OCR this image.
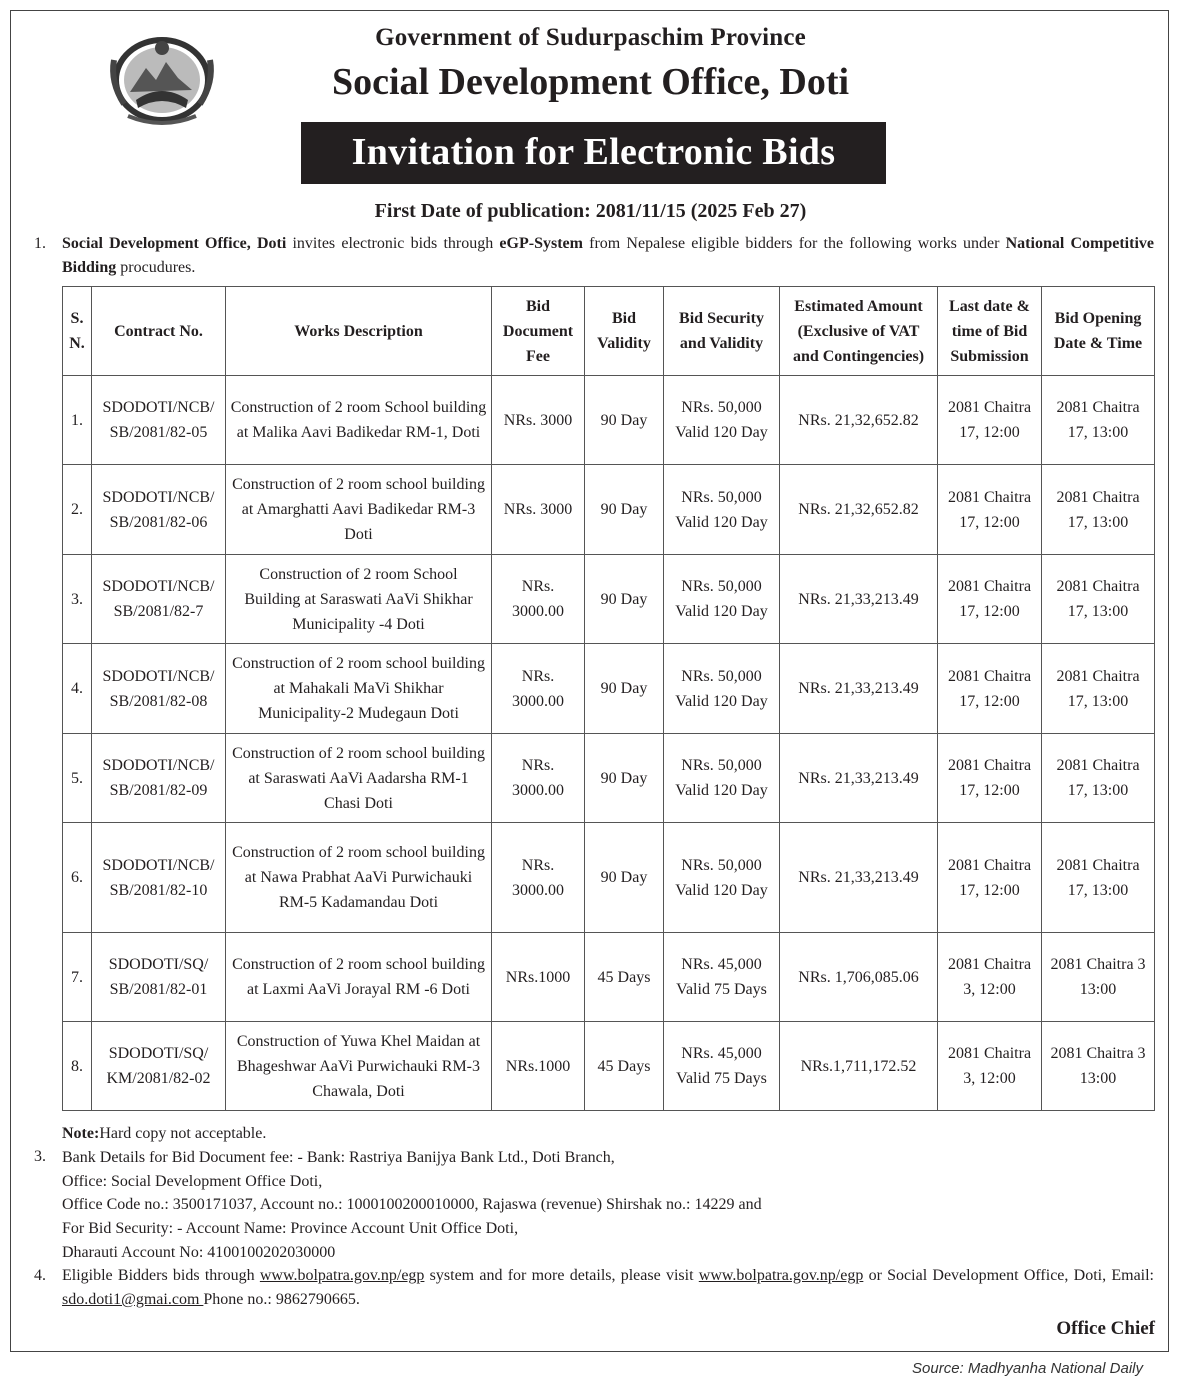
Government of Sudurpaschim Province
Social Development Office, Doti
Invitation for Electronic Bids
First Date of publication: 2081/11/15 (2025 Feb 27)
1. Social Development Office, Doti invites electronic bids through eGP-System from Nepalese eligible bidders for the following works under National Competitive Bidding procudures.
S. N.	Contract No.	Works Description	Bid Document Fee	Bid Validity	Bid Security and Validity	Estimated Amount (Exclusive of VAT and Contingencies)	Last date & time of Bid Submission	Bid Opening Date & Time
1.	SDODOTI/NCB/ SB/2081/82-05	Construction of 2 room School building at Malika Aavi Badikedar RM-1, Doti	NRs. 3000	90 Day	NRs. 50,000 Valid 120 Day	NRs. 21,32,652.82	2081 Chaitra 17, 12:00	2081 Chaitra 17, 13:00
2.	SDODOTI/NCB/ SB/2081/82-06	Construction of 2 room school building at Amarghatti Aavi Badikedar RM-3 Doti	NRs. 3000	90 Day	NRs. 50,000 Valid 120 Day	NRs. 21,32,652.82	2081 Chaitra 17, 12:00	2081 Chaitra 17, 13:00
3.	SDODOTI/NCB/ SB/2081/82-7	Construction of 2 room School Building at Saraswati AaVi Shikhar Municipality -4 Doti	NRs. 3000.00	90 Day	NRs. 50,000 Valid 120 Day	NRs. 21,33,213.49	2081 Chaitra 17, 12:00	2081 Chaitra 17, 13:00
4.	SDODOTI/NCB/ SB/2081/82-08	Construction of 2 room school building at Mahakali MaVi Shikhar Municipality-2 Mudegaun Doti	NRs. 3000.00	90 Day	NRs. 50,000 Valid 120 Day	NRs. 21,33,213.49	2081 Chaitra 17, 12:00	2081 Chaitra 17, 13:00
5.	SDODOTI/NCB/ SB/2081/82-09	Construction of 2 room school building at Saraswati AaVi Aadarsha RM-1 Chasi Doti	NRs. 3000.00	90 Day	NRs. 50,000 Valid 120 Day	NRs. 21,33,213.49	2081 Chaitra 17, 12:00	2081 Chaitra 17, 13:00
6.	SDODOTI/NCB/ SB/2081/82-10	Construction of 2 room school building at Nawa Prabhat AaVi Purwichauki RM-5 Kadamandau Doti	NRs. 3000.00	90 Day	NRs. 50,000 Valid 120 Day	NRs. 21,33,213.49	2081 Chaitra 17, 12:00	2081 Chaitra 17, 13:00
7.	SDODOTI/SQ/ SB/2081/82-01	Construction of 2 room school building at Laxmi AaVi Jorayal RM -6 Doti	NRs.1000	45 Days	NRs. 45,000 Valid 75 Days	NRs. 1,706,085.06	2081 Chaitra 3, 12:00	2081 Chaitra 3 13:00
8.	SDODOTI/SQ/ KM/2081/82-02	Construction of Yuwa Khel Maidan at Bhageshwar AaVi Purwichauki RM-3 Chawala, Doti	NRs.1000	45 Days	NRs. 45,000 Valid 75 Days	NRs.1,711,172.52	2081 Chaitra 3, 12:00	2081 Chaitra 3 13:00
Note:Hard copy not acceptable.
Bank Details for Bid Document fee: - Bank: Rastriya Banijya Bank Ltd., Doti Branch,
Office: Social Development Office Doti,
Office Code no.: 3500171037, Account no.: 1000100200010000, Rajaswa (revenue) Shirshak no.: 14229 and
For Bid Security: - Account Name: Province Account Unit Office Doti,
Dharauti Account No: 4100100202030000
3.
4. Eligible Bidders bids through www.bolpatra.gov.np/egp system and for more details, please visit www.bolpatra.gov.np/egp or Social Development Office, Doti, Email: sdo.doti1@gmai.com Phone no.: 9862790665.
Office Chief
Source: Madhyanha National Daily
